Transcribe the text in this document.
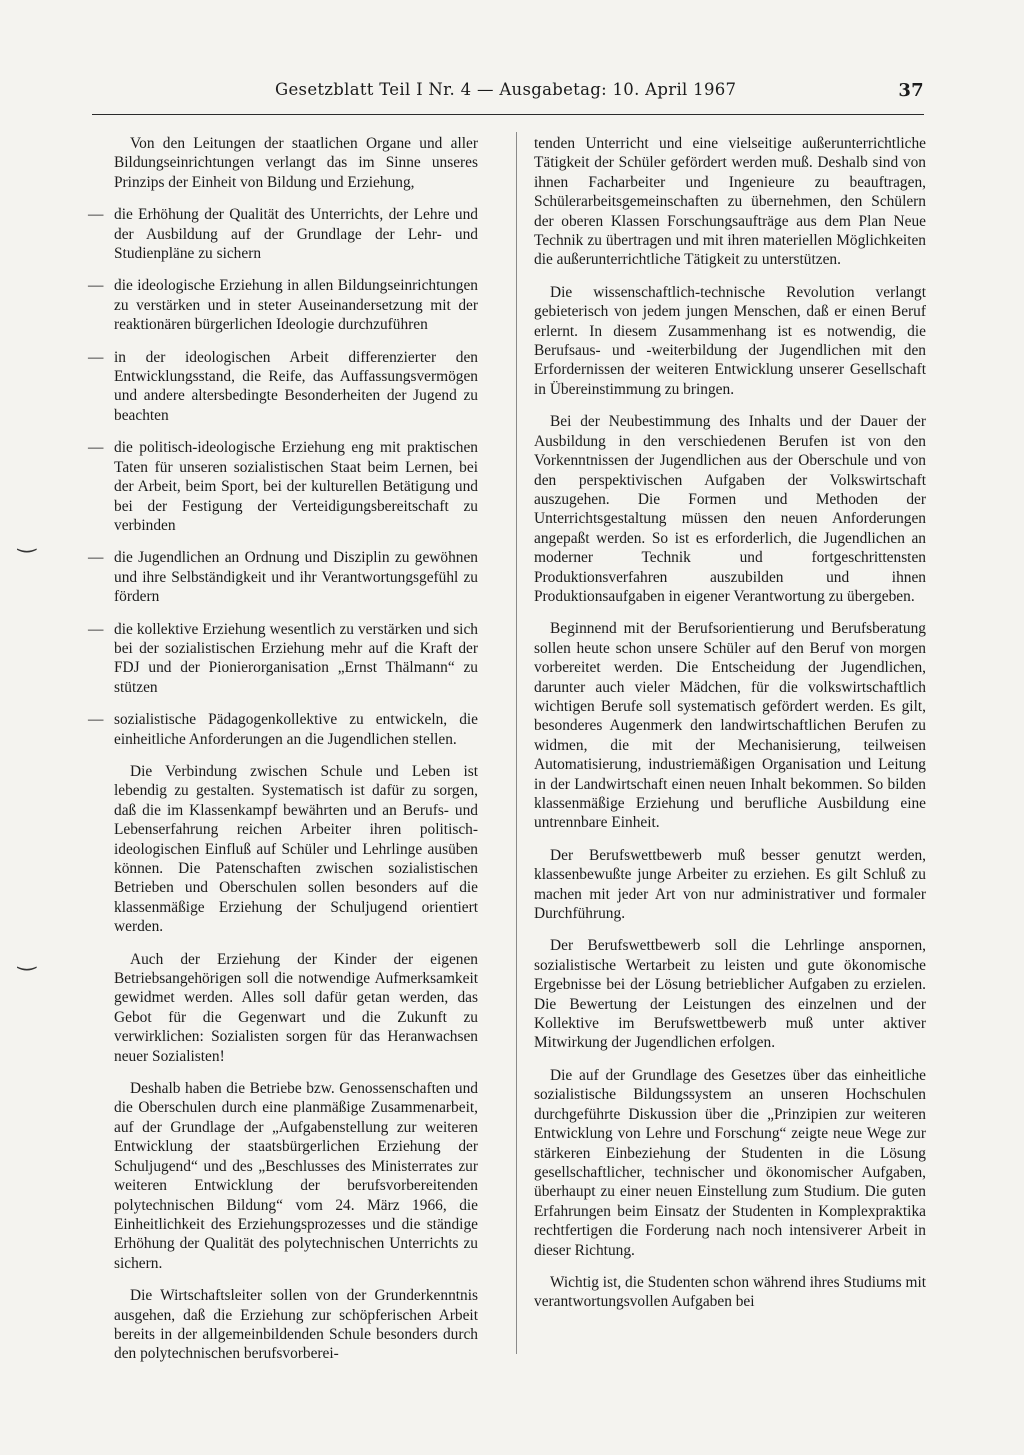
Gesetzblatt Teil I Nr. 4 — Ausgabetag: 10. April 1967	37
‿
‿

Von den Leitungen der staatlichen Organe und aller Bildungseinrichtungen verlangt das im Sinne unseres Prinzips der Einheit von Bildung und Erziehung,

— die Erhöhung der Qualität des Unterrichts, der Lehre und der Ausbildung auf der Grundlage der Lehr- und Studienpläne zu sichern
— die ideologische Erziehung in allen Bildungseinrichtungen zu verstärken und in steter Auseinandersetzung mit der reaktionären bürgerlichen Ideologie durchzuführen
— in der ideologischen Arbeit differenzierter den Entwicklungsstand, die Reife, das Auffassungsvermögen und andere altersbedingte Besonderheiten der Jugend zu beachten
— die politisch-ideologische Erziehung eng mit praktischen Taten für unseren sozialistischen Staat beim Lernen, bei der Arbeit, beim Sport, bei der kulturellen Betätigung und bei der Festigung der Verteidigungsbereitschaft zu verbinden
— die Jugendlichen an Ordnung und Disziplin zu gewöhnen und ihre Selbständigkeit und ihr Verantwortungsgefühl zu fördern
— die kollektive Erziehung wesentlich zu verstärken und sich bei der sozialistischen Erziehung mehr auf die Kraft der FDJ und der Pionierorganisation „Ernst Thälmann“ zu stützen
— sozialistische Pädagogenkollektive zu entwickeln, die einheitliche Anforderungen an die Jugendlichen stellen.

Die Verbindung zwischen Schule und Leben ist lebendig zu gestalten. Systematisch ist dafür zu sorgen, daß die im Klassenkampf bewährten und an Berufs- und Lebenserfahrung reichen Arbeiter ihren politisch-ideologischen Einfluß auf Schüler und Lehrlinge ausüben können. Die Patenschaften zwischen sozialistischen Betrieben und Oberschulen sollen besonders auf die klassenmäßige Erziehung der Schuljugend orientiert werden.

Auch der Erziehung der Kinder der eigenen Betriebsangehörigen soll die notwendige Aufmerksamkeit gewidmet werden. Alles soll dafür getan werden, das Gebot für die Gegenwart und die Zukunft zu verwirklichen: Sozialisten sorgen für das Heranwachsen neuer Sozialisten!

Deshalb haben die Betriebe bzw. Genossenschaften und die Oberschulen durch eine planmäßige Zusammenarbeit, auf der Grundlage der „Aufgabenstellung zur weiteren Entwicklung der staatsbürgerlichen Erziehung der Schuljugend“ und des „Beschlusses des Ministerrates zur weiteren Entwicklung der berufsvorbereitenden polytechnischen Bildung“ vom 24. März 1966, die Einheitlichkeit des Erziehungsprozesses und die ständige Erhöhung der Qualität des polytechnischen Unterrichts zu sichern.

Die Wirtschaftsleiter sollen von der Grunderkenntnis ausgehen, daß die Erziehung zur schöpferischen Arbeit bereits in der allgemeinbildenden Schule besonders durch den polytechnischen berufsvorberei-

tenden Unterricht und eine vielseitige außerunterrichtliche Tätigkeit der Schüler gefördert werden muß. Deshalb sind von ihnen Facharbeiter und Ingenieure zu beauftragen, Schülerarbeitsgemeinschaften zu übernehmen, den Schülern der oberen Klassen Forschungsaufträge aus dem Plan Neue Technik zu übertragen und mit ihren materiellen Möglichkeiten die außerunterrichtliche Tätigkeit zu unterstützen.

Die wissenschaftlich-technische Revolution verlangt gebieterisch von jedem jungen Menschen, daß er einen Beruf erlernt. In diesem Zusammenhang ist es notwendig, die Berufsaus- und -weiterbildung der Jugendlichen mit den Erfordernissen der weiteren Entwicklung unserer Gesellschaft in Übereinstimmung zu bringen.

Bei der Neubestimmung des Inhalts und der Dauer der Ausbildung in den verschiedenen Berufen ist von den Vorkenntnissen der Jugendlichen aus der Oberschule und von den perspektivischen Aufgaben der Volkswirtschaft auszugehen. Die Formen und Methoden der Unterrichtsgestaltung müssen den neuen Anforderungen angepaßt werden. So ist es erforderlich, die Jugendlichen an moderner Technik und fortgeschrittensten Produktionsverfahren auszubilden und ihnen Produktionsaufgaben in eigener Verantwortung zu übergeben.

Beginnend mit der Berufsorientierung und Berufsberatung sollen heute schon unsere Schüler auf den Beruf von morgen vorbereitet werden. Die Entscheidung der Jugendlichen, darunter auch vieler Mädchen, für die volkswirtschaftlich wichtigen Berufe soll systematisch gefördert werden. Es gilt, besonderes Augenmerk den landwirtschaftlichen Berufen zu widmen, die mit der Mechanisierung, teilweisen Automatisierung, industriemäßigen Organisation und Leitung in der Landwirtschaft einen neuen Inhalt bekommen. So bilden klassenmäßige Erziehung und berufliche Ausbildung eine untrennbare Einheit.

Der Berufswettbewerb muß besser genutzt werden, klassenbewußte junge Arbeiter zu erziehen. Es gilt Schluß zu machen mit jeder Art von nur administrativer und formaler Durchführung.

Der Berufswettbewerb soll die Lehrlinge anspornen, sozialistische Wertarbeit zu leisten und gute ökonomische Ergebnisse bei der Lösung betrieblicher Aufgaben zu erzielen. Die Bewertung der Leistungen des einzelnen und der Kollektive im Berufswettbewerb muß unter aktiver Mitwirkung der Jugendlichen erfolgen.

Die auf der Grundlage des Gesetzes über das einheitliche sozialistische Bildungssystem an unseren Hochschulen durchgeführte Diskussion über die „Prinzipien zur weiteren Entwicklung von Lehre und Forschung“ zeigte neue Wege zur stärkeren Einbeziehung der Studenten in die Lösung gesellschaftlicher, technischer und ökonomischer Aufgaben, überhaupt zu einer neuen Einstellung zum Studium. Die guten Erfahrungen beim Einsatz der Studenten in Komplexpraktika rechtfertigen die Forderung nach noch intensiverer Arbeit in dieser Richtung.

Wichtig ist, die Studenten schon während ihres Studiums mit verantwortungsvollen Aufgaben bei
